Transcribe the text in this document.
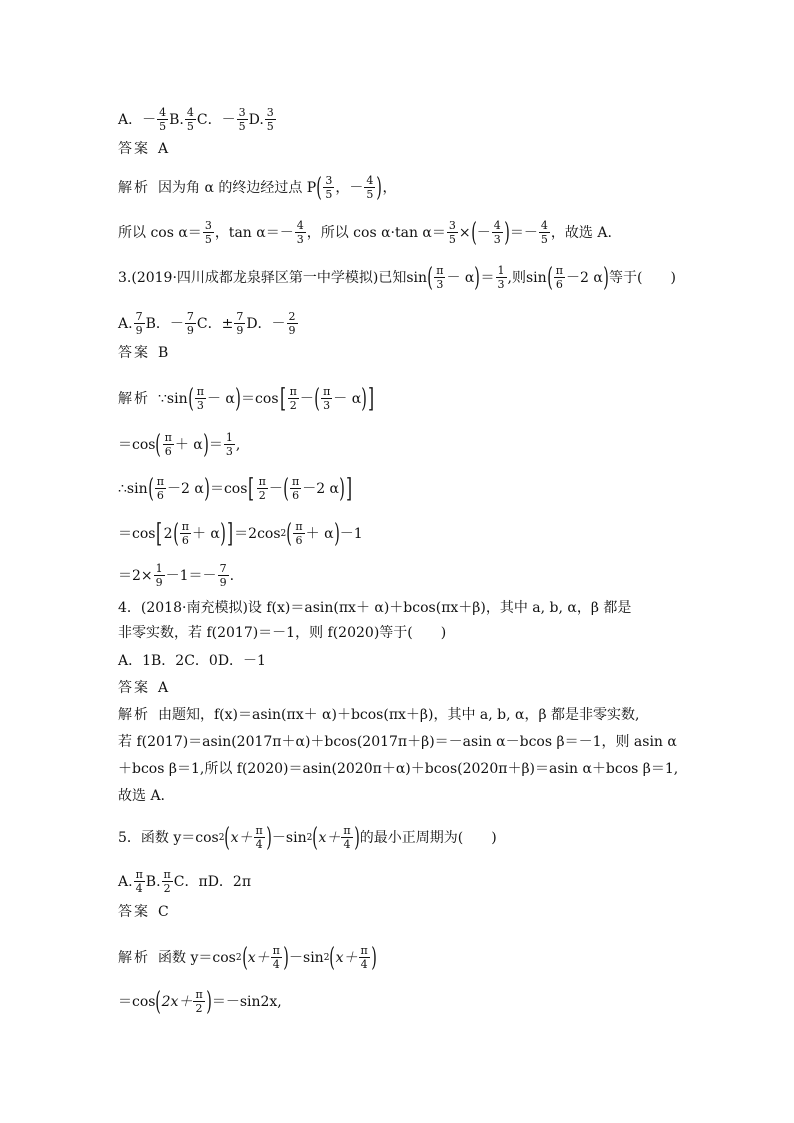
A．－ $\frac{4}{5} B$. $\frac{4}{5}$ C．－ $\frac{3}{5} D$. $\frac{3}{5}$
答案 A
解析 因为角 α 的终边经过点 P ( $\frac{3}{5}$ ，－ $\frac{4}{5}$ ) ，
所以 $\cos \alpha= \frac{3}{5}$ ，$\tan \alpha=- \frac{4}{3}$ ，所以 cos α·tan $\alpha= \frac{3}{5}$ × ( － $\frac{4}{3}$ ) ＝－ $\frac{4}{5}$ ，故选 A.
3.(2019·四川成都龙泉驿区第一中学模拟)已知sin ( $\frac{\pi}{3} - \alpha$ ) ＝ $\frac{1}{3}$ ,则sin ( $\frac{\pi}{6} -2$ α ) 等于(　　)
A. $\frac{7}{9}$ B．－ $\frac{7}{9}$ C．± $\frac{7}{9}$ D．－ $\frac{2}{9}$
答案 B
解析 ∵sin ( $\frac{\pi}{3} - \alpha$ ) ＝cos [ $\frac{\pi}{2}$ － ( $\frac{\pi}{3} - \alpha$ ) ]
＝cos ( $\frac{\pi}{6} + \alpha$ ) ＝ $\frac{1}{3}$ ,
∴sin ( $\frac{\pi}{6} -2$ α ) ＝cos [ $\frac{\pi}{2}$ － ( $\frac{\pi}{6} -2$ α ) ]
＝cos [ 2 ( $\frac{\pi}{6} + \alpha$ ) ] ＝2cos 2 ( $\frac{\pi}{6} + \alpha$ ) －1
$=2\times \frac{1}{9} -1=- \frac{7}{9}$ .
4．(2018·南充模拟)设 f(x)＝asin(πx＋ α)＋bcos(πx＋β)，其中 a, b, α，β 都是
非零实数，若 f(2017)＝－1，则 f(2020)等于(　　)
A．1B．2C．0D．－1
答案 A
解析 由题知，f(x)＝asin(πx＋ α)＋bcos(πx＋β)，其中 a, b, α，β 都是非零实数,
若 f(2017)＝asin(2017π＋α)＋bcos(2017π＋β)＝－asin α－bcos β＝－1，则 asin α
＋bcos β＝1,所以 f(2020)＝asin(2020π＋α)＋bcos(2020π＋β)＝asin α＋bcos β＝1,
故选 A.
5．函数 y＝cos 2 ( $x+ \frac{\pi}{4}$ ) －sin 2 ( $x+ \frac{\pi}{4}$ ) 的最小正周期为(　　)
A. $\frac{\pi}{4} B$. $\frac{\pi}{2}$ C．πD．2π
答案 C
解析 函数 y＝cos 2 ( $x+ \frac{\pi}{4}$ ) －sin 2 ( $x+ \frac{\pi}{4}$ )
＝cos ( $2x+ \frac{\pi}{2}$ ) ＝－sin2x,
